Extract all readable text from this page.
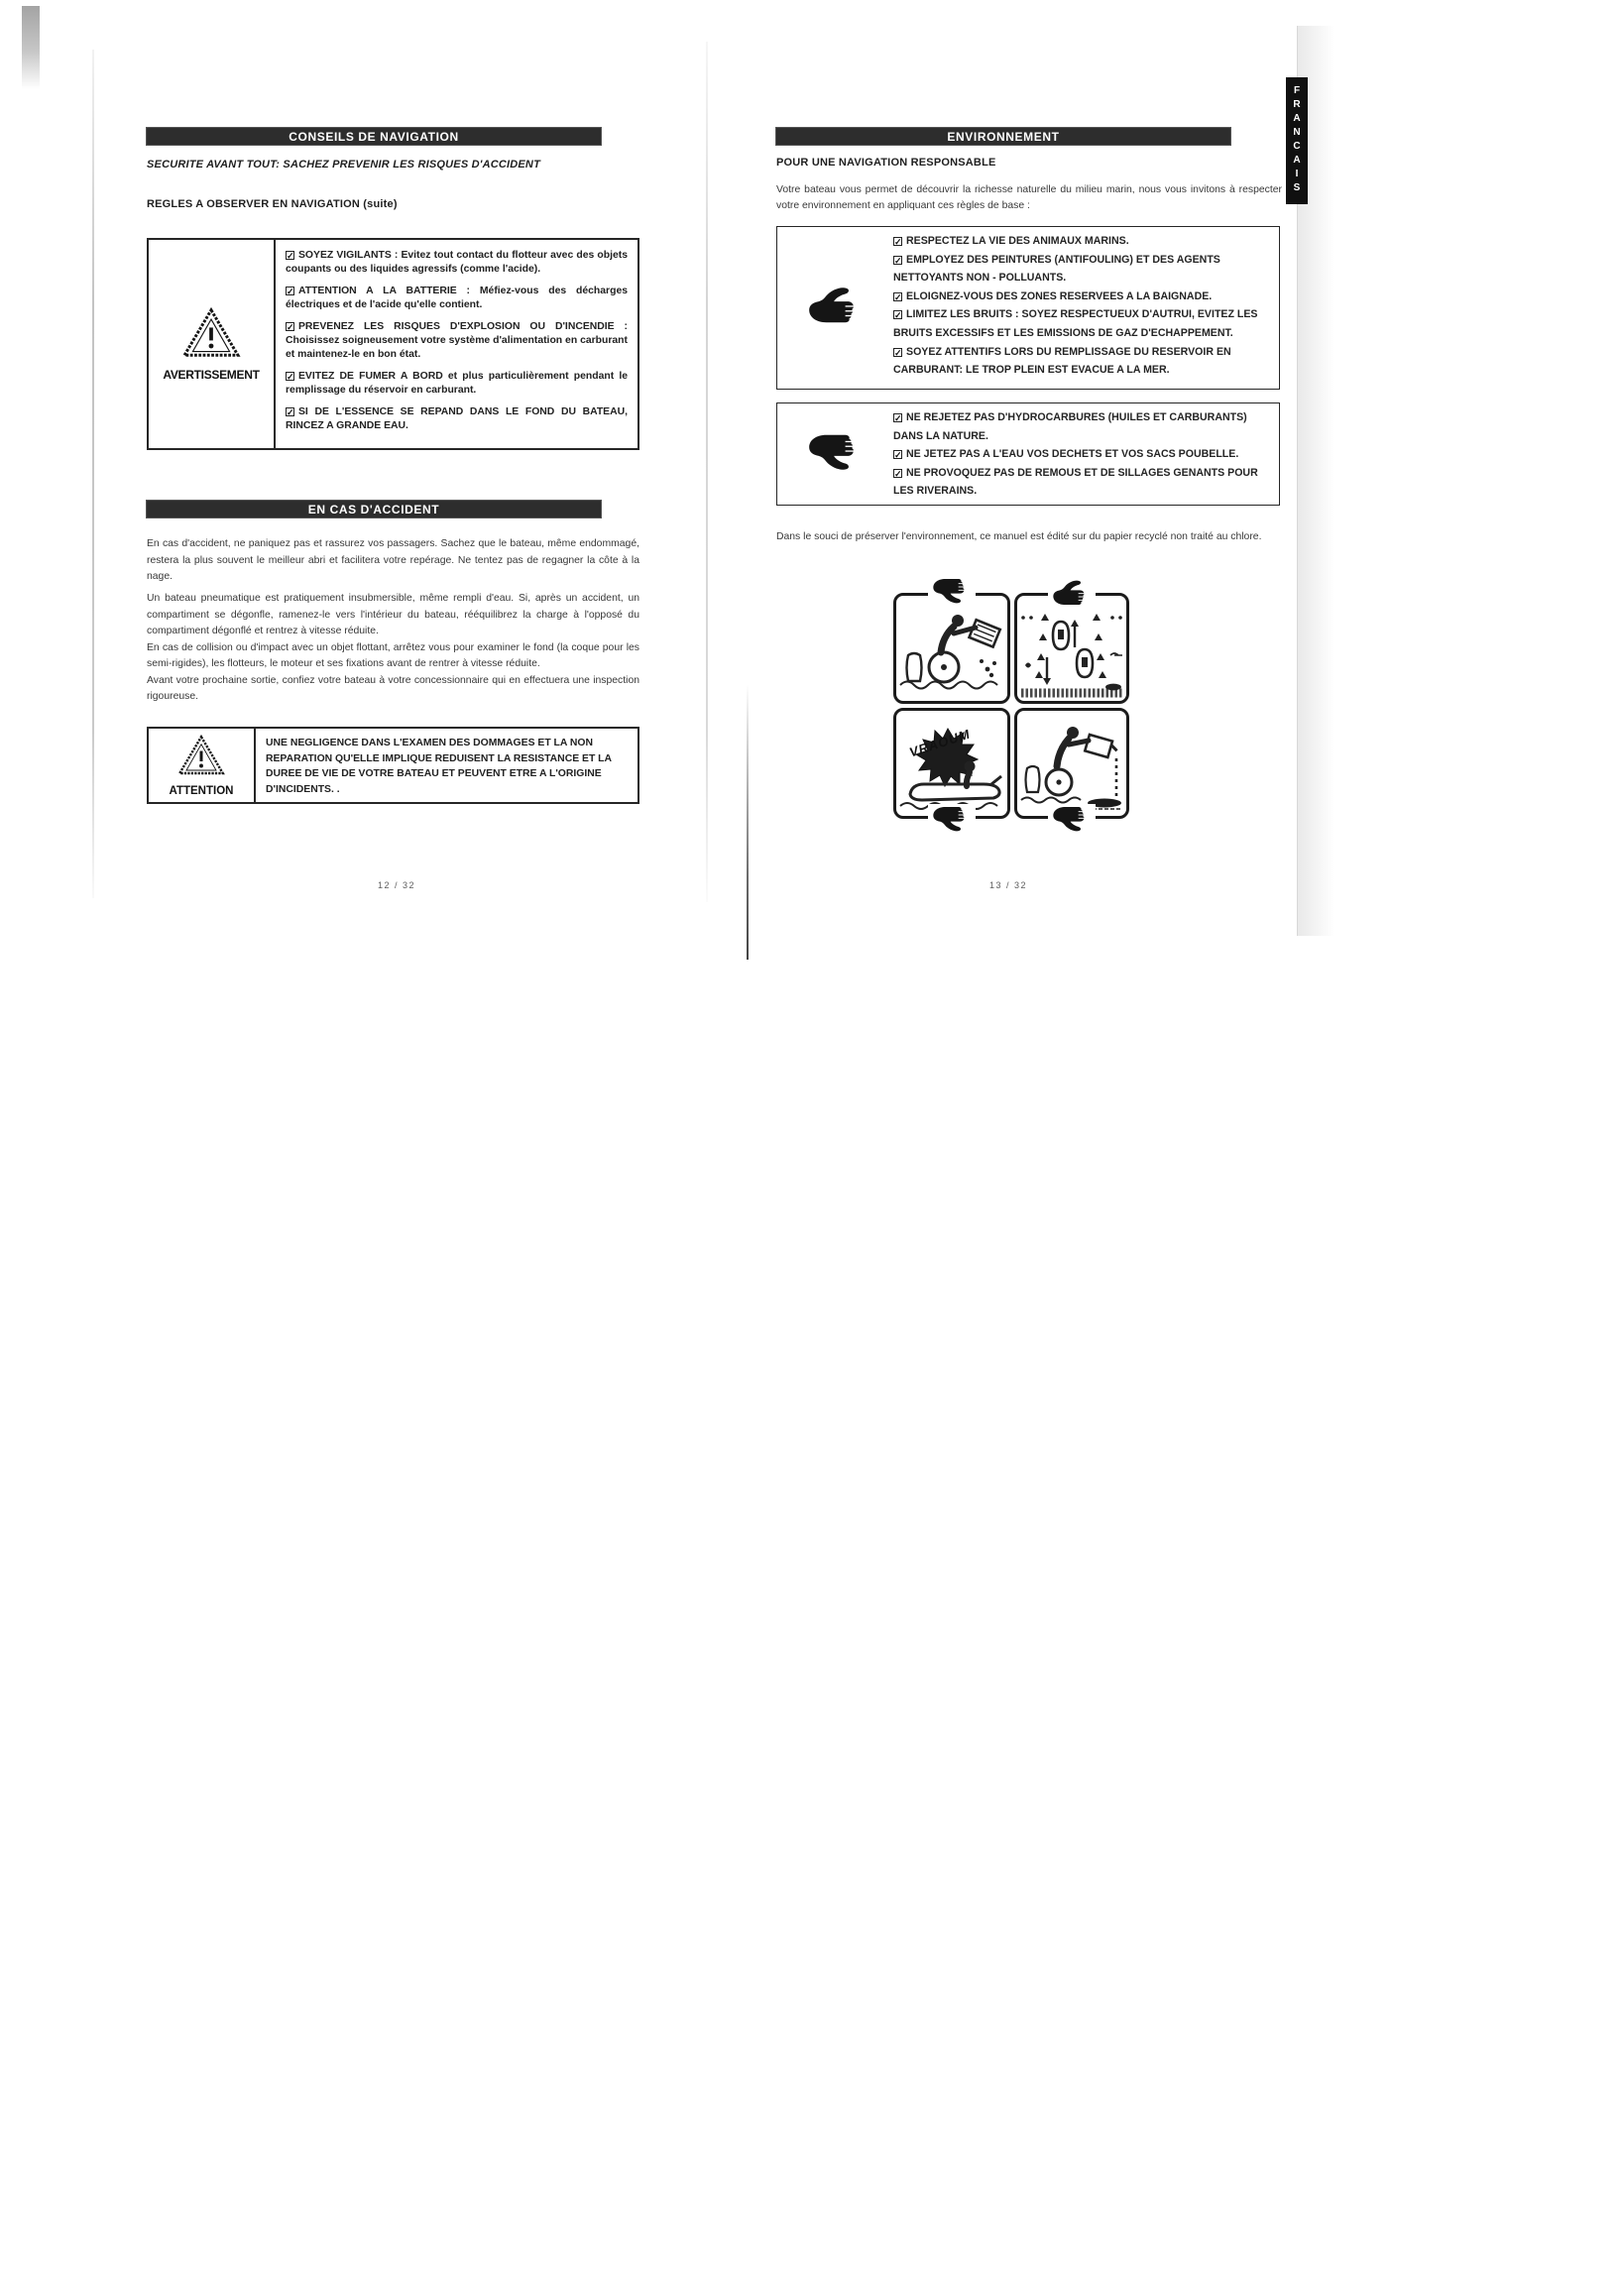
CONSEILS DE NAVIGATION
SECURITE AVANT TOUT: SACHEZ PREVENIR LES RISQUES D'ACCIDENT
REGLES A OBSERVER EN NAVIGATION (suite)
AVERTISSEMENT
✓ SOYEZ VIGILANTS : Evitez tout contact du flotteur avec des objets coupants ou des liquides agressifs (comme l'acide).
✓ ATTENTION A LA BATTERIE : Méfiez-vous des décharges électriques et de l'acide qu'elle contient.
✓ PREVENEZ LES RISQUES D'EXPLOSION OU D'INCENDIE : Choisissez soigneusement votre système d'alimentation en carburant et maintenez-le en bon état.
✓ EVITEZ DE FUMER A BORD et plus particulièrement pendant le remplissage du réservoir en carburant.
✓ SI DE L'ESSENCE SE REPAND DANS LE FOND DU BATEAU, RINCEZ A GRANDE EAU.
EN CAS D'ACCIDENT
En cas d'accident, ne paniquez pas et rassurez vos passagers. Sachez que le bateau, même endommagé, restera la plus souvent le meilleur abri et facilitera votre repérage. Ne tentez pas de regagner la côte à la nage.
Un bateau pneumatique est pratiquement insubmersible, même rempli d'eau. Si, après un accident, un compartiment se dégonfle, ramenez-le vers l'intérieur du bateau, rééquilibrez la charge à l'opposé du compartiment dégonflé et rentrez à vitesse réduite.
En cas de collision ou d'impact avec un objet flottant, arrêtez vous pour examiner le fond (la coque pour les semi-rigides), les flotteurs, le moteur et ses fixations avant de rentrer à vitesse réduite.
Avant votre prochaine sortie, confiez votre bateau à votre concessionnaire qui en effectuera une inspection rigoureuse.
ATTENTION
UNE NEGLIGENCE DANS L'EXAMEN DES DOMMAGES ET LA NON REPARATION QU'ELLE IMPLIQUE REDUISENT LA RESISTANCE ET LA DUREE DE VIE DE VOTRE BATEAU ET PEUVENT ETRE A L'ORIGINE D'INCIDENTS. .
12 / 32
ENVIRONNEMENT
POUR UNE NAVIGATION RESPONSABLE
Votre bateau vous permet de découvrir la richesse naturelle du milieu marin, nous vous invitons à respecter votre environnement en appliquant ces règles de base :
✓ RESPECTEZ LA VIE DES ANIMAUX MARINS.
✓ EMPLOYEZ DES PEINTURES (ANTIFOULING) ET DES AGENTS NETTOYANTS NON - POLLUANTS.
✓ ELOIGNEZ-VOUS DES ZONES RESERVEES A LA BAIGNADE.
✓ LIMITEZ LES BRUITS : SOYEZ RESPECTUEUX D'AUTRUI, EVITEZ LES BRUITS EXCESSIFS ET LES EMISSIONS DE GAZ D'ECHAPPEMENT.
✓ SOYEZ ATTENTIFS LORS DU REMPLISSAGE DU RESERVOIR EN CARBURANT: LE TROP PLEIN EST EVACUE A LA MER.
✓ NE REJETEZ PAS D'HYDROCARBURES (HUILES ET CARBURANTS) DANS LA NATURE.
✓ NE JETEZ PAS A L'EAU VOS DECHETS ET VOS SACS POUBELLE.
✓ NE PROVOQUEZ PAS DE REMOUS ET DE SILLAGES GENANTS POUR LES RIVERAINS.
Dans le souci de préserver l'environnement, ce manuel est édité sur du papier recyclé non traité au chlore.
VRAOUM
13 / 32
FRANCAIS
